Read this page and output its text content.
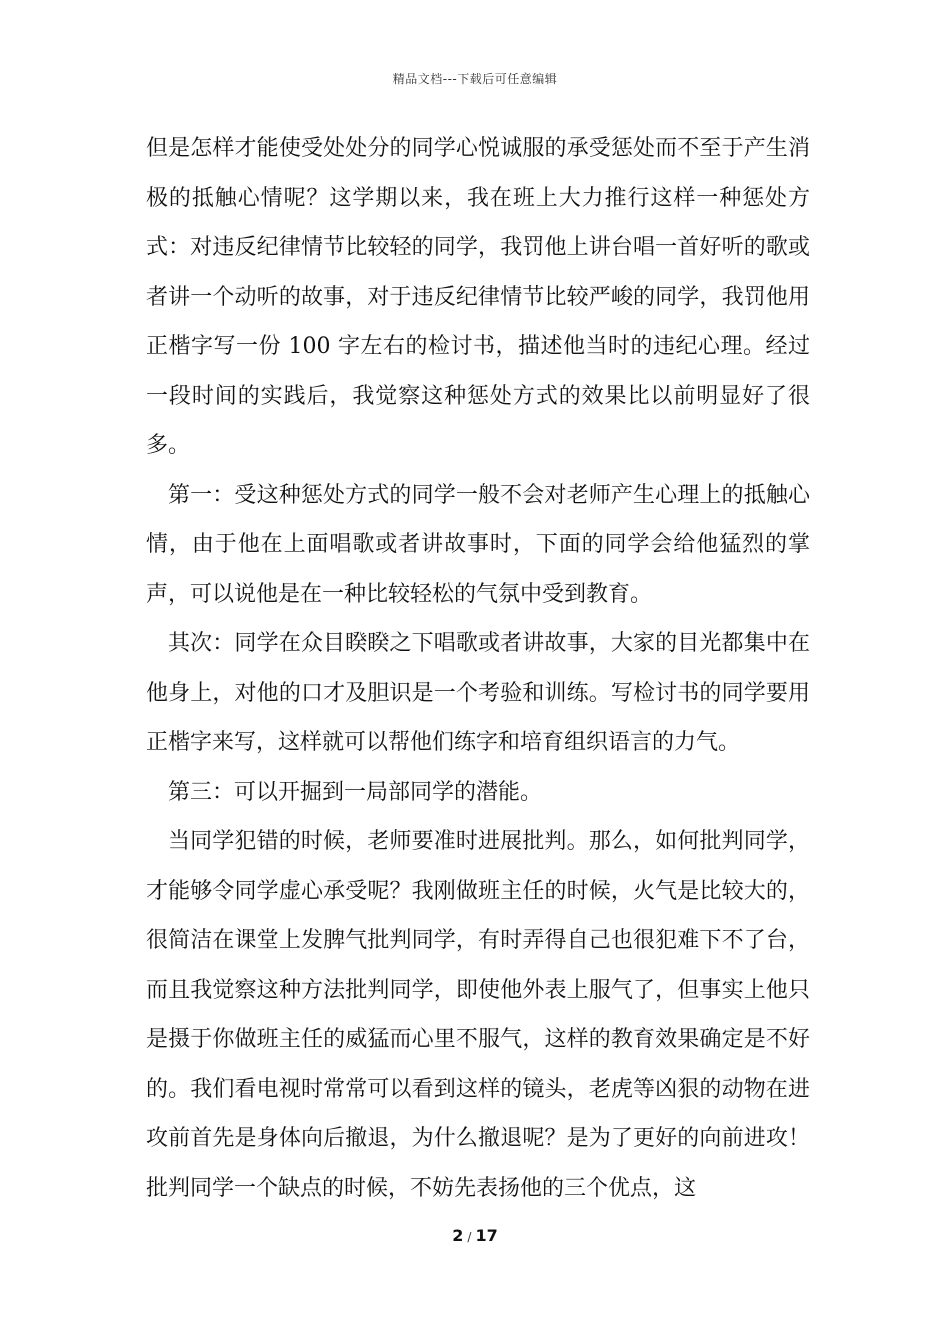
精品文档---下载后可任意编辑

但是怎样才能使受处处分的同学心悦诚服的承受惩处而不至于产生消极的抵触心情呢？这学期以来，我在班上大力推行这样一种惩处方式：对违反纪律情节比较轻的同学，我罚他上讲台唱一首好听的歌或者讲一个动听的故事，对于违反纪律情节比较严峻的同学，我罚他用正楷字写一份 100 字左右的检讨书，描述他当时的违纪心理。经过一段时间的实践后，我觉察这种惩处方式的效果比以前明显好了很多。

第一：受这种惩处方式的同学一般不会对老师产生心理上的抵触心情，由于他在上面唱歌或者讲故事时，下面的同学会给他猛烈的掌声，可以说他是在一种比较轻松的气氛中受到教育。

其次：同学在众目睽睽之下唱歌或者讲故事，大家的目光都集中在他身上，对他的口才及胆识是一个考验和训练。写检讨书的同学要用正楷字来写，这样就可以帮他们练字和培育组织语言的力气。

第三：可以开掘到一局部同学的潜能。

当同学犯错的时候，老师要准时进展批判。那么，如何批判同学，才能够令同学虚心承受呢？我刚做班主任的时候，火气是比较大的，很简洁在课堂上发脾气批判同学，有时弄得自己也很犯难下不了台，而且我觉察这种方法批判同学，即使他外表上服气了，但事实上他只是摄于你做班主任的威猛而心里不服气，这样的教育效果确定是不好的。我们看电视时常常可以看到这样的镜头，老虎等凶狠的动物在进攻前首先是身体向后撤退，为什么撤退呢？是为了更好的向前进攻！批判同学一个缺点的时候，不妨先表扬他的三个优点，这

2 / 17
